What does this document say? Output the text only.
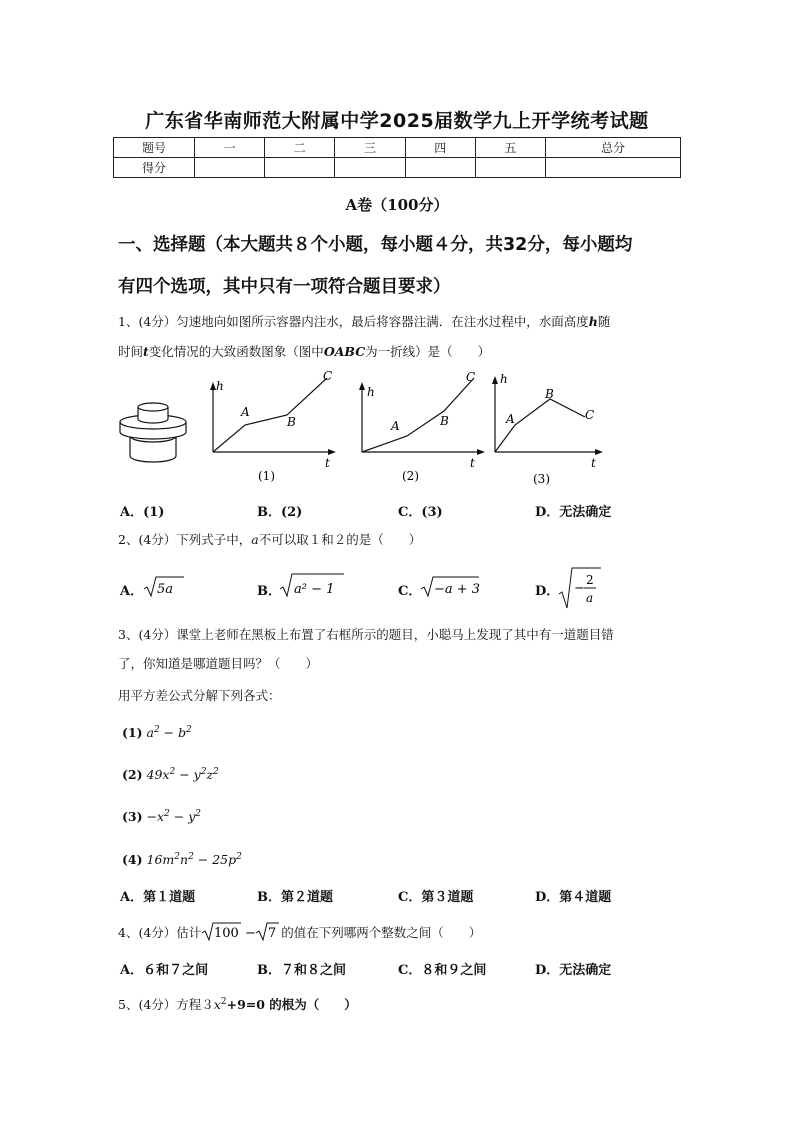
广东省华南师范大附属中学2025届数学九上开学统考试题
题号	一	二	三	四	五	总分
得分						
A卷（100分）
一、选择题（本大题共８个小题，每小题４分，共32分，每小题均
有四个选项，其中只有一项符合题目要求）
1、(4分）匀速地向如图所示容器内注水，最后将容器注满．在注水过程中，水面高度h随
时间t变化情况的大致函数图象（图中OABC为一折线）是（　　）
h
t
A
B
C
(1)
h
t
A	B
C
(2)
h
t
A
B
C
(3)
A．(1)	B．(2)	C．(3)	D．无法确定
2、(4分）下列式子中，a不可以取１和２的是（　　）
A． 5a	B． a² − 1	C． −a + 3	D． −
2
a
3、(4分）课堂上老师在黑板上布置了右框所示的题目，小聪马上发现了其中有一道题目错
了，你知道是哪道题目吗？（　　）
用平方差公式分解下列各式：
(1) $a^2 - b^2$
(2) $49x^2 - y^2z^2$
$(3) -x^2 - y^2$
(4) $16m^2n^2 - 25p^2$
A．第１道题	B．第２道题	C．第３道题	D．第４道题
4、(4分）估计 100 − 7 的值在下列哪两个整数之间（　　）
A．６和７之间	B．７和８之间	C．８和９之间	D．无法确定
5、(4分）方程$3x^2+9=0$ 的根为（　　）
